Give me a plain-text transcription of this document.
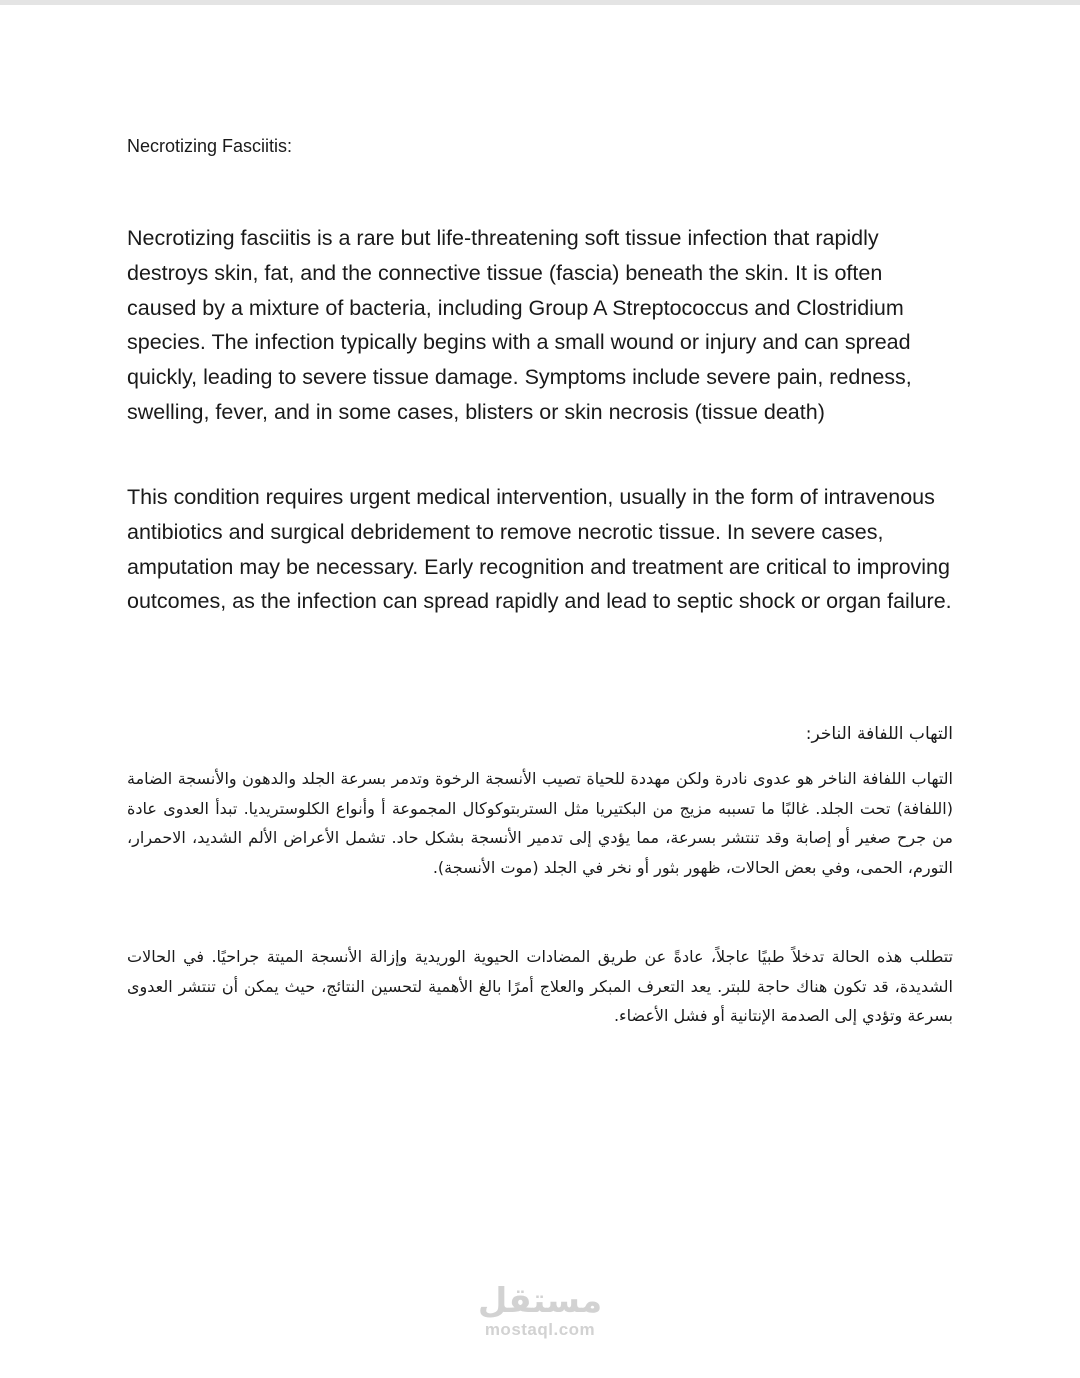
Necrotizing Fasciitis:

Necrotizing fasciitis is a rare but life-threatening soft tissue infection that rapidly destroys skin, fat, and the connective tissue (fascia) beneath the skin. It is often caused by a mixture of bacteria, including Group A Streptococcus and Clostridium species. The infection typically begins with a small wound or injury and can spread quickly, leading to severe tissue damage. Symptoms include severe pain, redness, swelling, fever, and in some cases, blisters or skin necrosis (tissue death)

This condition requires urgent medical intervention, usually in the form of intravenous antibiotics and surgical debridement to remove necrotic tissue. In severe cases, amputation may be necessary. Early recognition and treatment are critical to improving outcomes, as the infection can spread rapidly and lead to septic shock or organ failure.

التهاب اللفافة الناخر:

التهاب اللفافة الناخر هو عدوى نادرة ولكن مهددة للحياة تصيب الأنسجة الرخوة وتدمر بسرعة الجلد والدهون والأنسجة الضامة (اللفافة) تحت الجلد. غالبًا ما تسببه مزيج من البكتيريا مثل الستربتوكوكال المجموعة أ وأنواع الكلوستريديا. تبدأ العدوى عادة من جرح صغير أو إصابة وقد تنتشر بسرعة، مما يؤدي إلى تدمير الأنسجة بشكل حاد. تشمل الأعراض الألم الشديد، الاحمرار، التورم، الحمى، وفي بعض الحالات، ظهور بثور أو نخر في الجلد (موت الأنسجة).

تتطلب هذه الحالة تدخلاً طبيًا عاجلاً، عادةً عن طريق المضادات الحيوية الوريدية وإزالة الأنسجة الميتة جراحيًا. في الحالات الشديدة، قد تكون هناك حاجة للبتر. يعد التعرف المبكر والعلاج أمرًا بالغ الأهمية لتحسين النتائج، حيث يمكن أن تنتشر العدوى بسرعة وتؤدي إلى الصدمة الإنتانية أو فشل الأعضاء.

مستقل
mostaql.com
